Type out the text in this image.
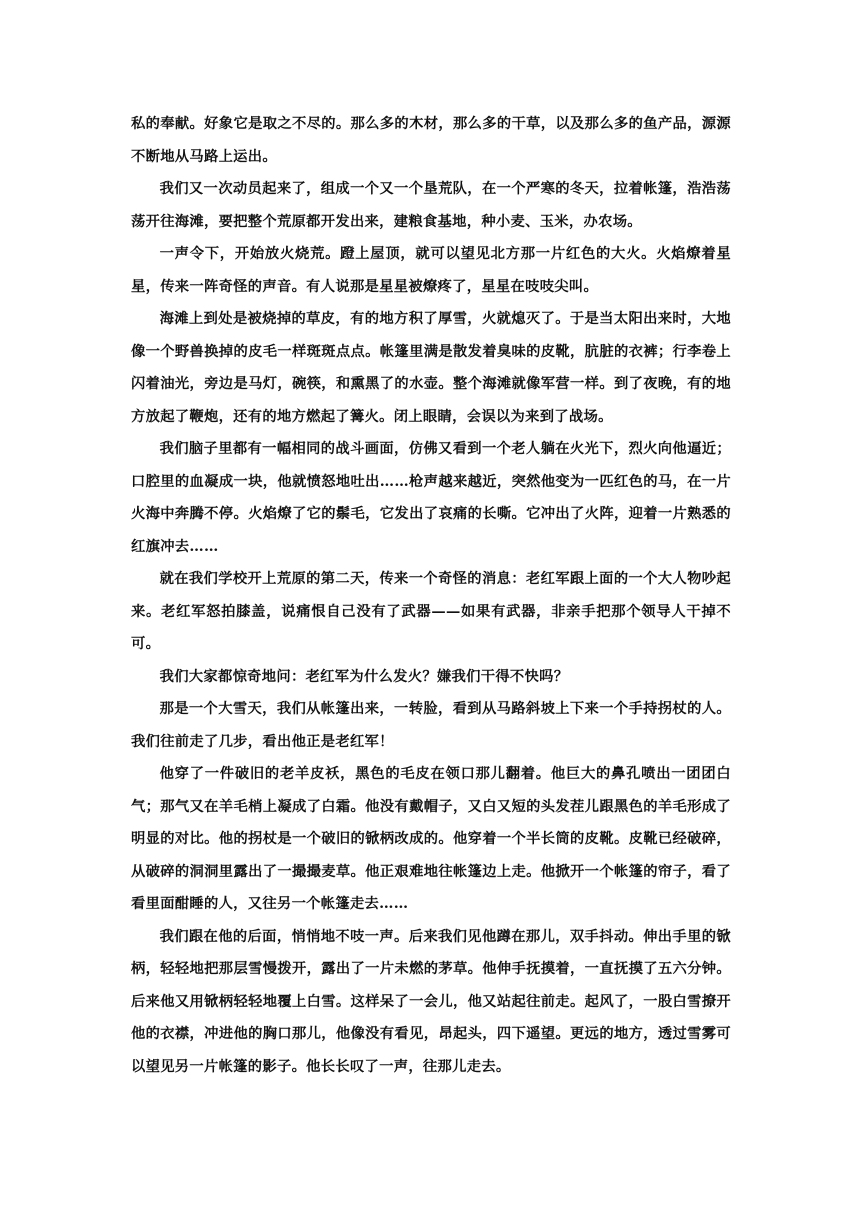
私的奉献。好象它是取之不尽的。那么多的木材，那么多的干草，以及那么多的鱼产品，源源不断地从马路上运出。

我们又一次动员起来了，组成一个又一个垦荒队，在一个严寒的冬天，拉着帐篷，浩浩荡荡开往海滩，要把整个荒原都开发出来，建粮食基地，种小麦、玉米，办农场。

一声令下，开始放火烧荒。蹬上屋顶，就可以望见北方那一片红色的大火。火焰燎着星星，传来一阵奇怪的声音。有人说那是星星被燎疼了，星星在吱吱尖叫。

海滩上到处是被烧掉的草皮，有的地方积了厚雪，火就熄灭了。于是当太阳出来时，大地像一个野兽换掉的皮毛一样斑斑点点。帐篷里满是散发着臭味的皮靴，肮脏的衣裤；行李卷上闪着油光，旁边是马灯，碗筷，和熏黑了的水壶。整个海滩就像军营一样。到了夜晚，有的地方放起了鞭炮，还有的地方燃起了篝火。闭上眼睛，会误以为来到了战场。

我们脑子里都有一幅相同的战斗画面，仿佛又看到一个老人躺在火光下，烈火向他逼近；口腔里的血凝成一块，他就愤怒地吐出……枪声越来越近，突然他变为一匹红色的马，在一片火海中奔腾不停。火焰燎了它的鬃毛，它发出了哀痛的长嘶。它冲出了火阵，迎着一片熟悉的红旗冲去……

就在我们学校开上荒原的第二天，传来一个奇怪的消息：老红军跟上面的一个大人物吵起来。老红军怒拍膝盖，说痛恨自己没有了武器——如果有武器，非亲手把那个领导人干掉不可。

我们大家都惊奇地问：老红军为什么发火？嫌我们干得不快吗？

那是一个大雪天，我们从帐篷出来，一转脸，看到从马路斜坡上下来一个手持拐杖的人。我们往前走了几步，看出他正是老红军！

他穿了一件破旧的老羊皮袄，黑色的毛皮在领口那儿翻着。他巨大的鼻孔喷出一团团白气；那气又在羊毛梢上凝成了白霜。他没有戴帽子，又白又短的头发茬儿跟黑色的羊毛形成了明显的对比。他的拐杖是一个破旧的锨柄改成的。他穿着一个半长筒的皮靴。皮靴已经破碎，从破碎的洞洞里露出了一撮撮麦草。他正艰难地往帐篷边上走。他掀开一个帐篷的帘子，看了看里面酣睡的人，又往另一个帐篷走去……

我们跟在他的后面，悄悄地不吱一声。后来我们见他蹲在那儿，双手抖动。伸出手里的锨柄，轻轻地把那层雪慢拨开，露出了一片未燃的茅草。他伸手抚摸着，一直抚摸了五六分钟。后来他又用锨柄轻轻地覆上白雪。这样呆了一会儿，他又站起往前走。起风了，一股白雪撩开他的衣襟，冲进他的胸口那儿，他像没有看见，昂起头，四下遥望。更远的地方，透过雪雾可以望见另一片帐篷的影子。他长长叹了一声，往那儿走去。
